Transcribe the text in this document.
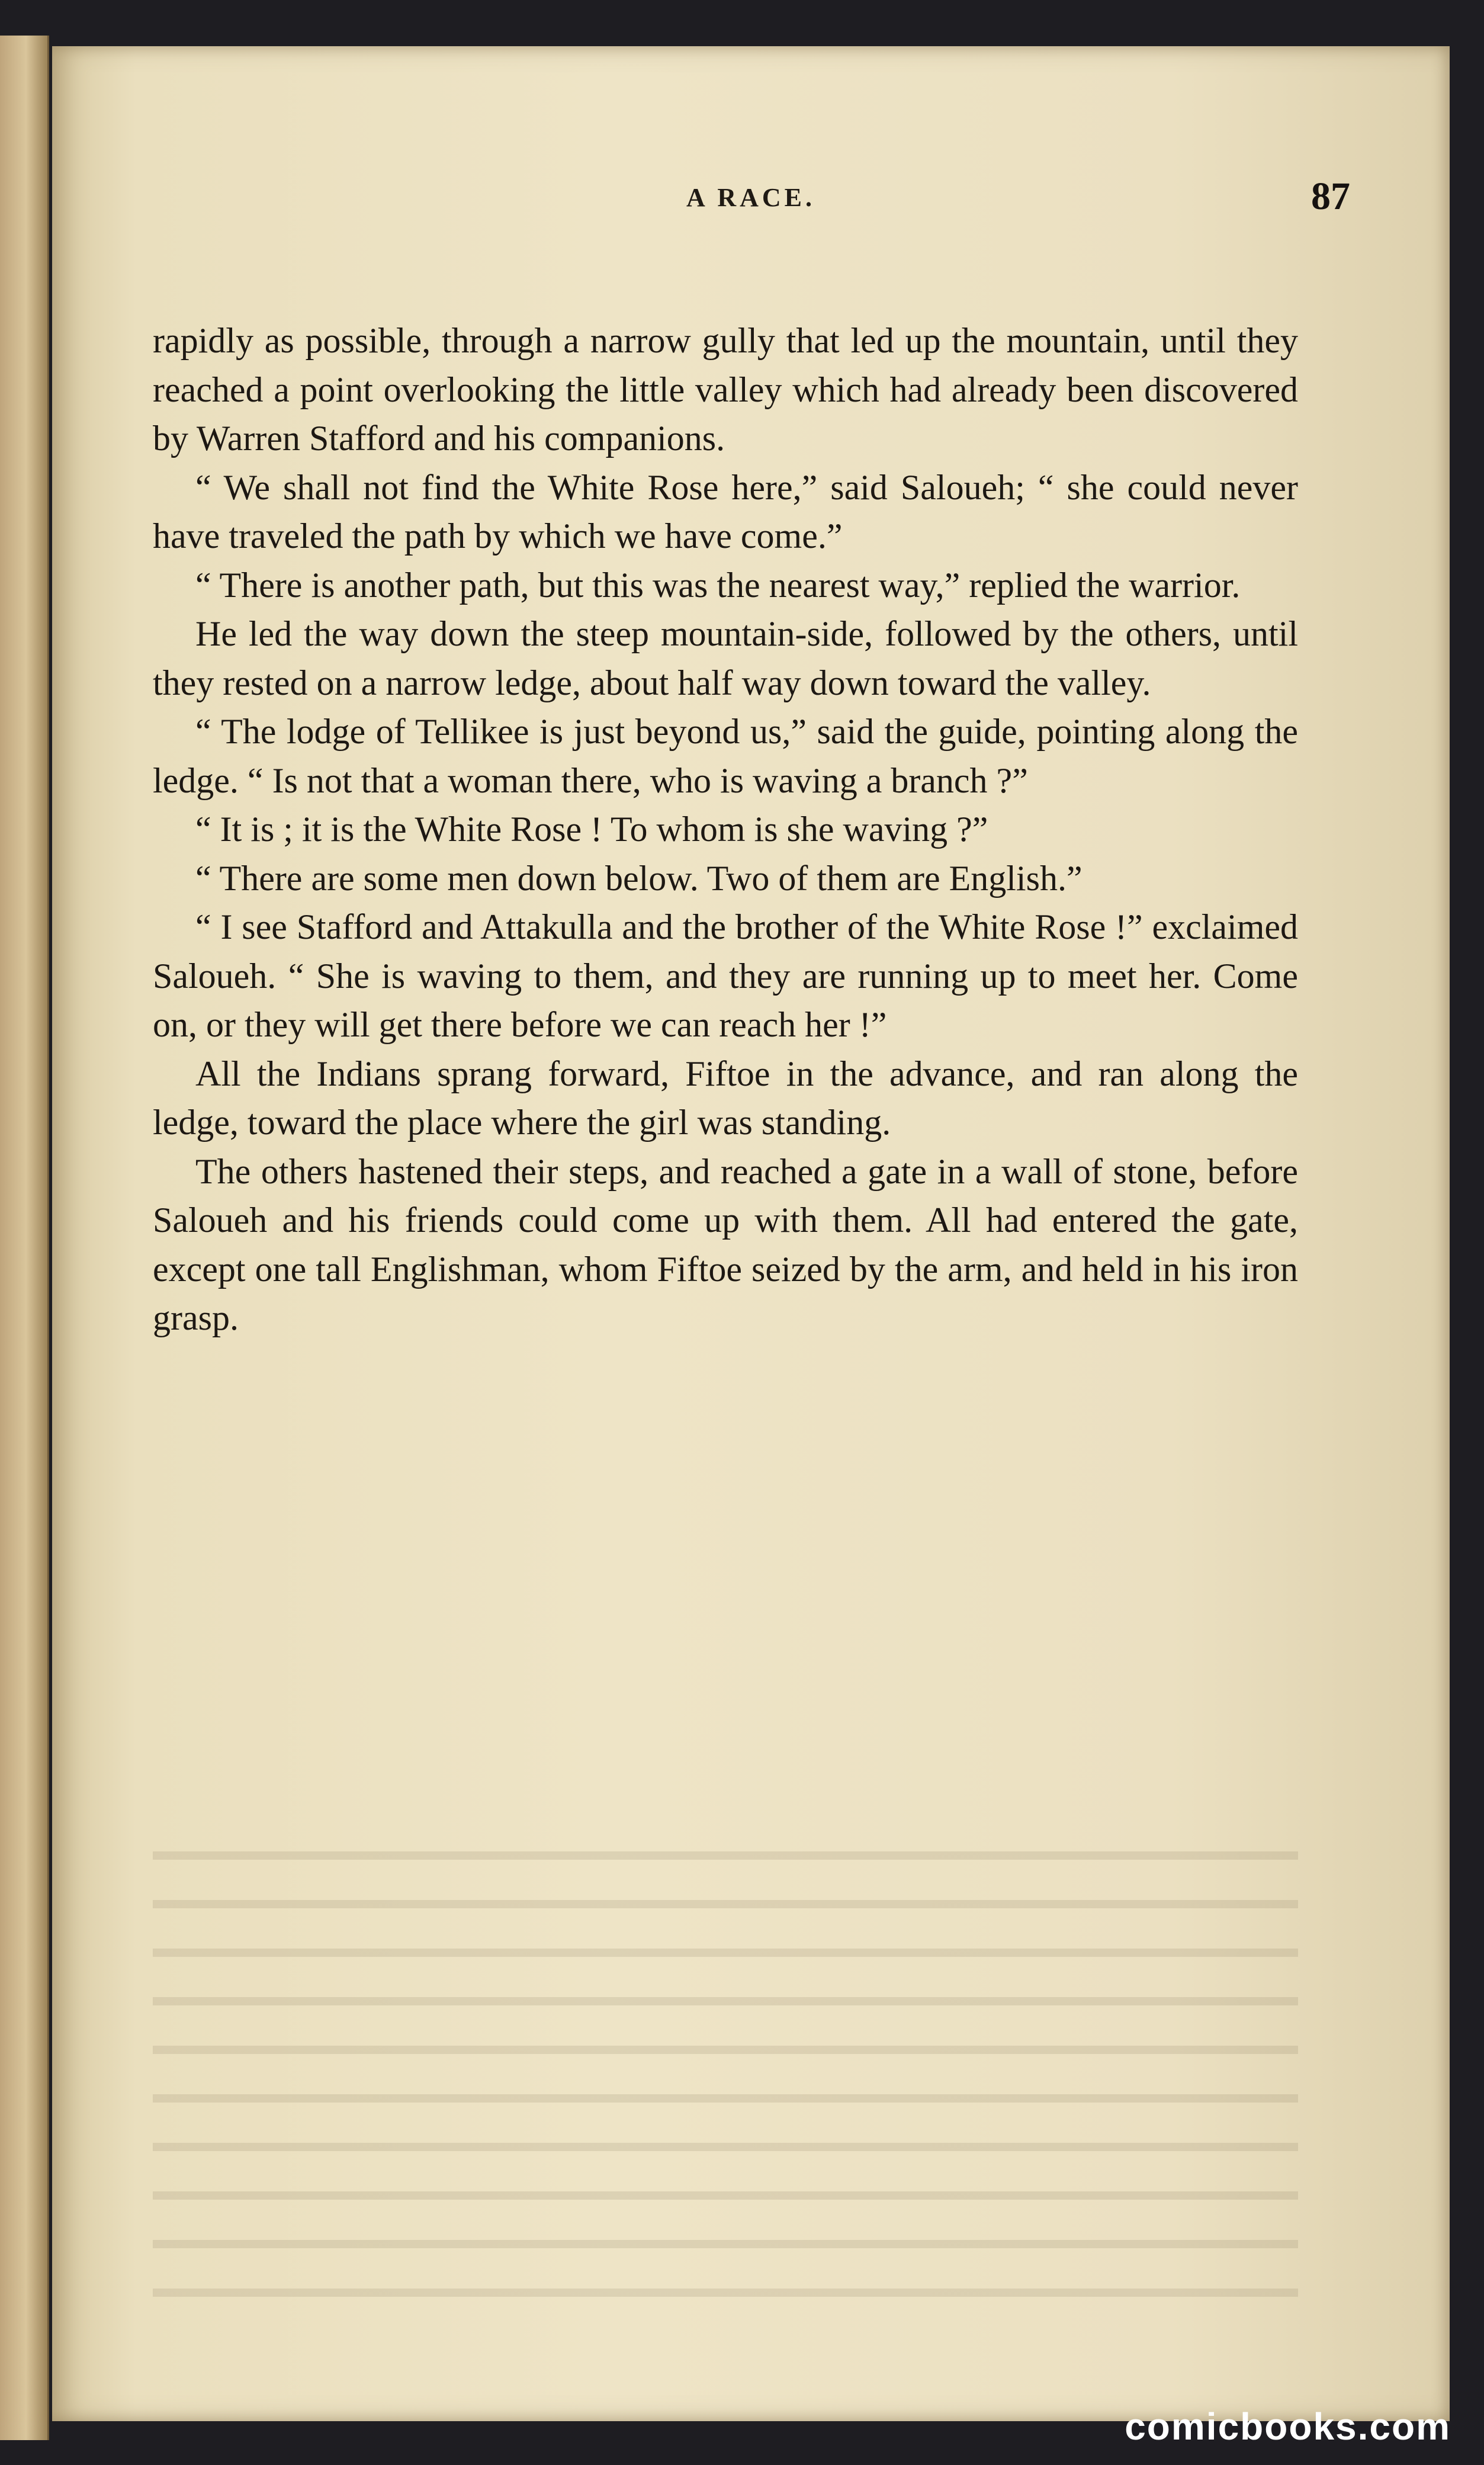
A RACE.	87

rapidly as possible, through a narrow gully that led up the mountain, until they reached a point overlooking the little valley which had already been discovered by Warren Stafford and his companions.

“ We shall not find the White Rose here,” said Saloueh; “ she could never have traveled the path by which we have come.”

“ There is another path, but this was the nearest way,” replied the warrior.

He led the way down the steep mountain-side, followed by the others, until they rested on a narrow ledge, about half way down toward the valley.

“ The lodge of Tellikee is just beyond us,” said the guide, pointing along the ledge. “ Is not that a woman there, who is waving a branch ?”

“ It is ; it is the White Rose ! To whom is she waving ?”

“ There are some men down below. Two of them are English.”

“ I see Stafford and Attakulla and the brother of the White Rose !” exclaimed Saloueh. “ She is waving to them, and they are running up to meet her. Come on, or they will get there before we can reach her !”

All the Indians sprang forward, Fiftoe in the advance, and ran along the ledge, toward the place where the girl was standing.

The others hastened their steps, and reached a gate in a wall of stone, before Saloueh and his friends could come up with them. All had entered the gate, except one tall Englishman, whom Fiftoe seized by the arm, and held in his iron grasp.

comicbooks.com
